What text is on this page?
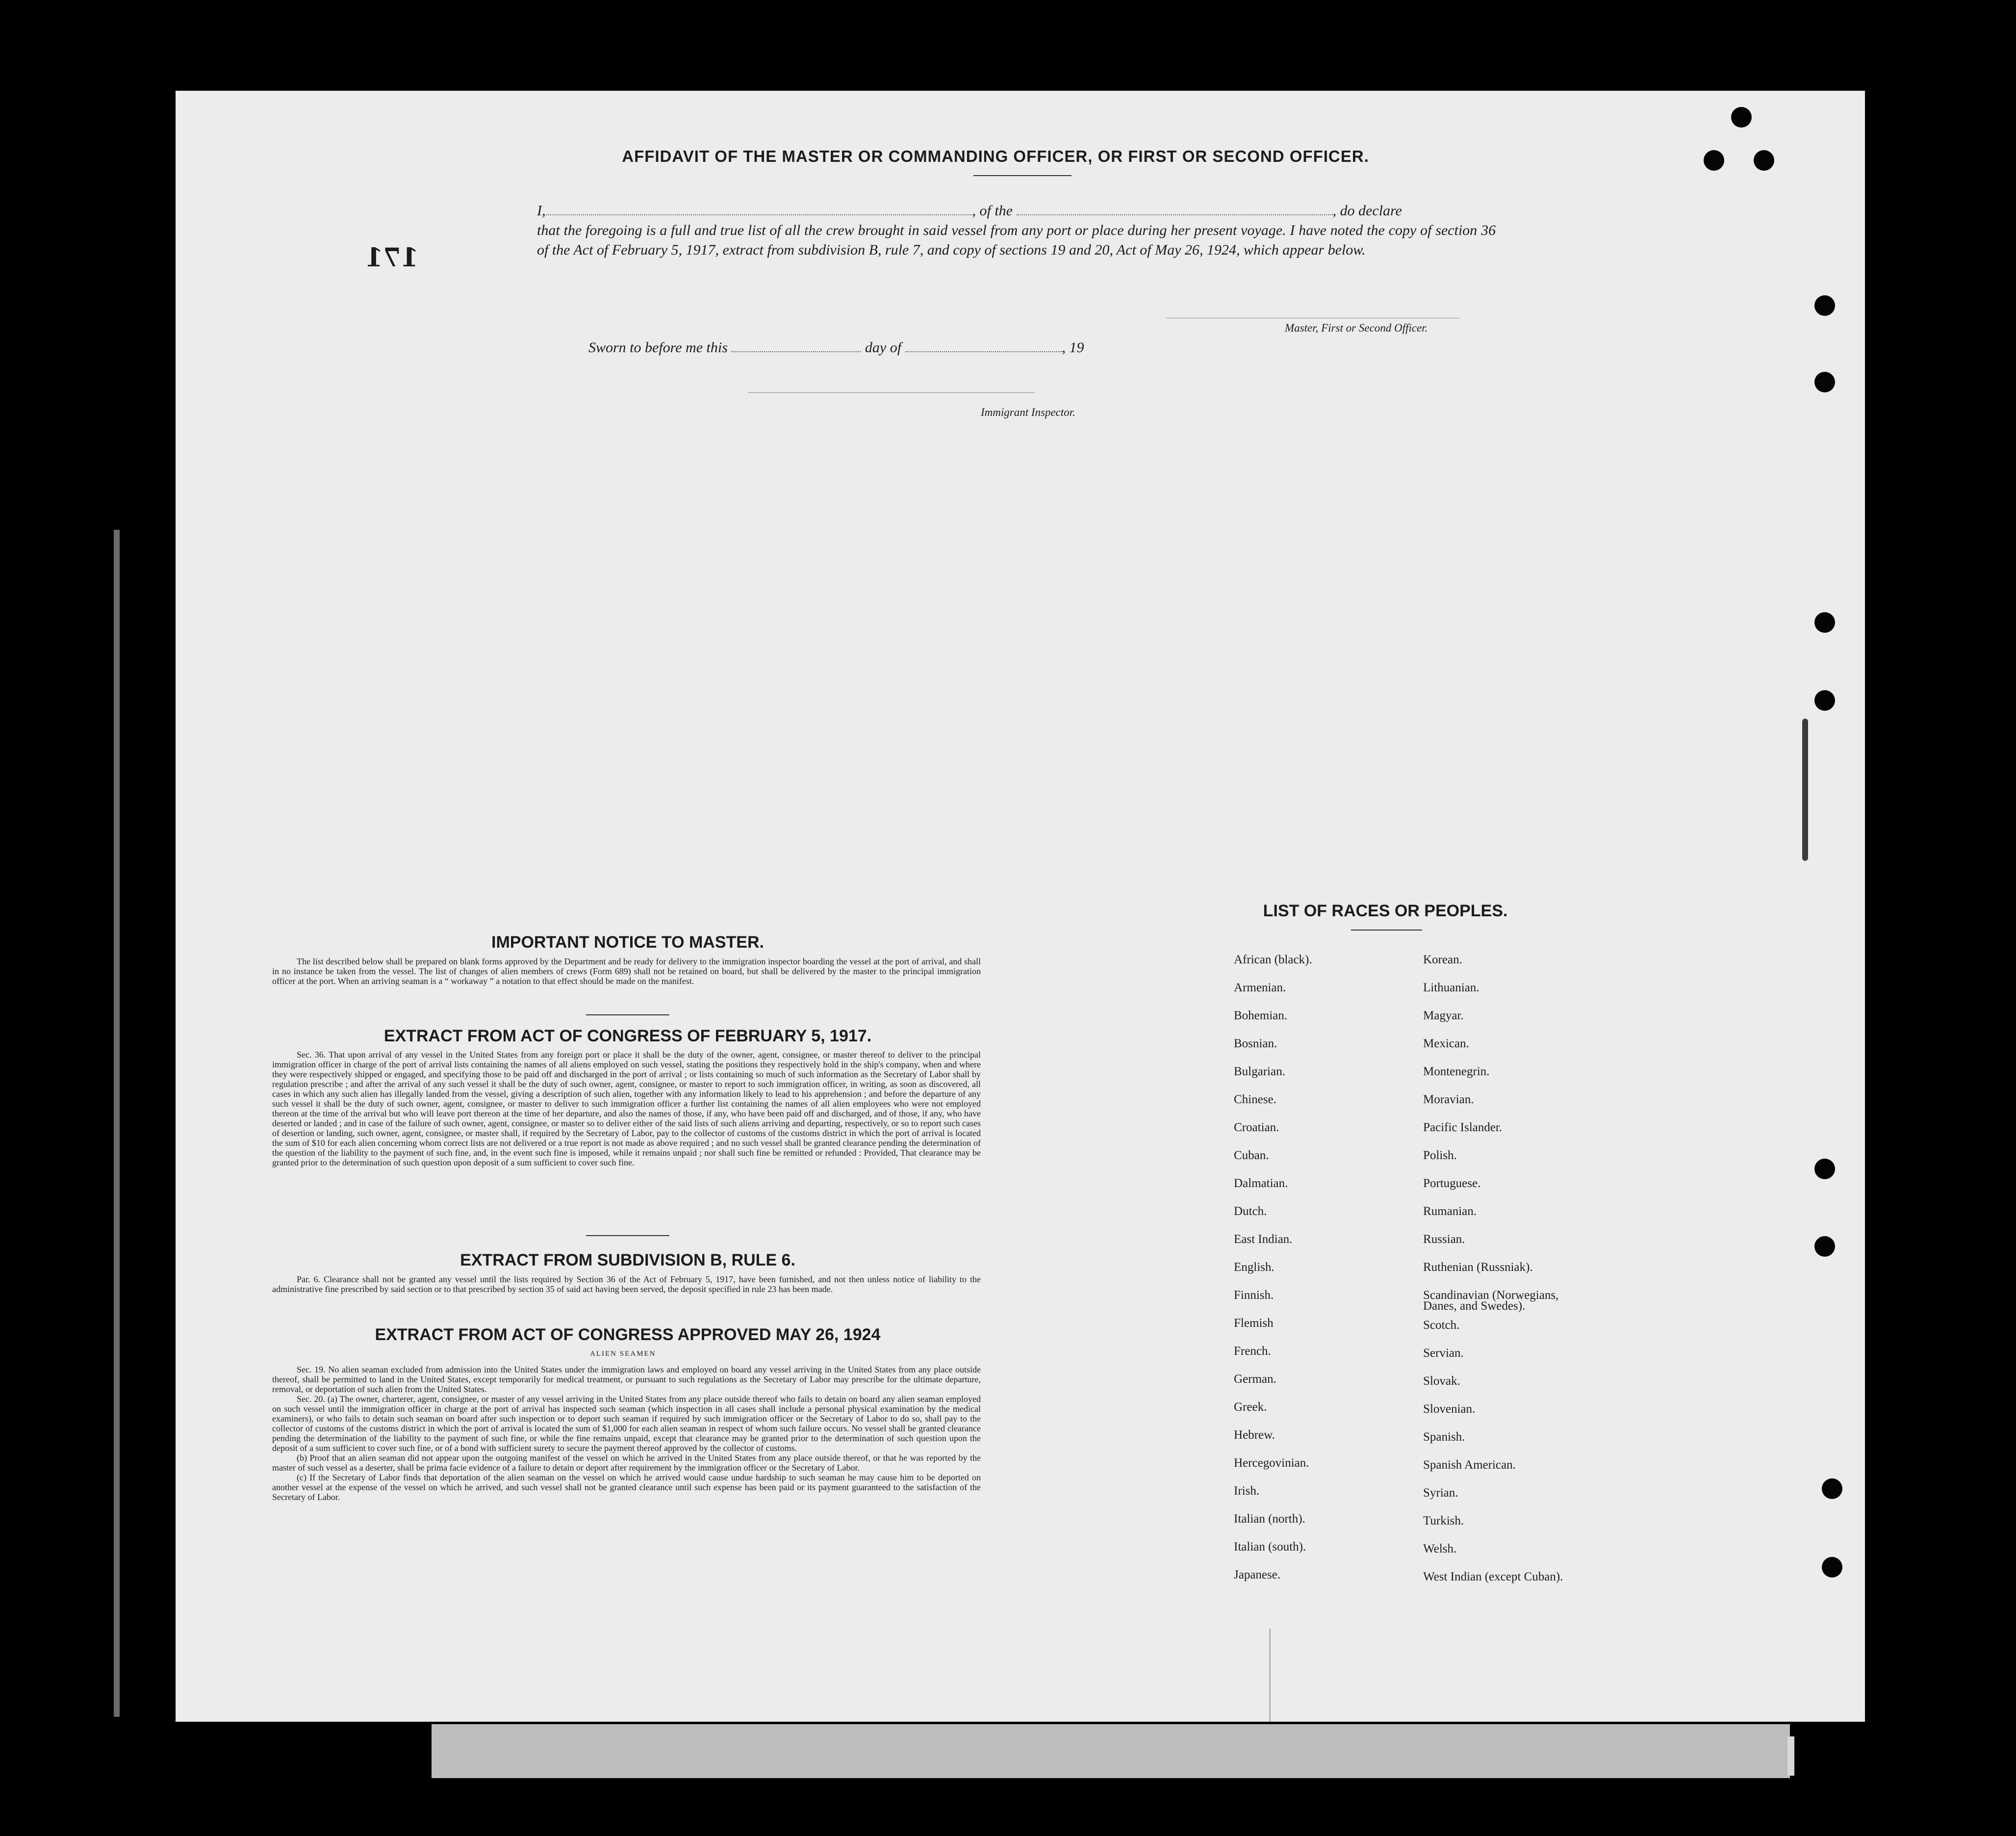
171
AFFIDAVIT OF THE MASTER OR COMMANDING OFFICER, OR FIRST OR SECOND OFFICER.

I,	, of the	, do declare

that the foregoing is a full and true list of all the crew brought in said vessel from any port or place during her present voyage. I have noted the copy of section 36 of the Act of February 5, 1917, extract from subdivision B, rule 7, and copy of sections 19 and 20, Act of May 26, 1924, which appear below.

Master, First or Second Officer.
Sworn to before me this	day of	, 19
Immigrant Inspector.
IMPORTANT NOTICE TO MASTER.

The list described below shall be prepared on blank forms approved by the Department and be ready for delivery to the immigration inspector boarding the vessel at the port of arrival, and shall in no instance be taken from the vessel. The list of changes of alien members of crews (Form 689) shall not be retained on board, but shall be delivered by the master to the principal immigration officer at the port. When an arriving seaman is a “ workaway ” a notation to that effect should be made on the manifest.

EXTRACT FROM ACT OF CONGRESS OF FEBRUARY 5, 1917.

Sec. 36. That upon arrival of any vessel in the United States from any foreign port or place it shall be the duty of the owner, agent, consignee, or master thereof to deliver to the principal immigration officer in charge of the port of arrival lists containing the names of all aliens employed on such vessel, stating the positions they respectively hold in the ship's company, when and where they were respectively shipped or engaged, and specifying those to be paid off and discharged in the port of arrival ; or lists containing so much of such information as the Secretary of Labor shall by regulation prescribe ; and after the arrival of any such vessel it shall be the duty of such owner, agent, consignee, or master to report to such immigration officer, in writing, as soon as discovered, all cases in which any such alien has illegally landed from the vessel, giving a description of such alien, together with any information likely to lead to his apprehension ; and before the departure of any such vessel it shall be the duty of such owner, agent, consignee, or master to deliver to such immigration officer a further list containing the names of all alien employees who were not employed thereon at the time of the arrival but who will leave port thereon at the time of her departure, and also the names of those, if any, who have been paid off and discharged, and of those, if any, who have deserted or landed ; and in case of the failure of such owner, agent, consignee, or master so to deliver either of the said lists of such aliens arriving and departing, respectively, or so to report such cases of desertion or landing, such owner, agent, consignee, or master shall, if required by the Secretary of Labor, pay to the collector of customs of the customs district in which the port of arrival is located the sum of $10 for each alien concerning whom correct lists are not delivered or a true report is not made as above required ; and no such vessel shall be granted clearance pending the determination of the question of the liability to the payment of such fine, and, in the event such fine is imposed, while it remains unpaid ; nor shall such fine be remitted or refunded : Provided, That clearance may be granted prior to the determination of such question upon deposit of a sum sufficient to cover such fine.

EXTRACT FROM SUBDIVISION B, RULE 6.

Par. 6. Clearance shall not be granted any vessel until the lists required by Section 36 of the Act of February 5, 1917, have been furnished, and not then unless notice of liability to the administrative fine prescribed by said section or to that prescribed by section 35 of said act having been served, the deposit specified in rule 23 has been made.

EXTRACT FROM ACT OF CONGRESS APPROVED MAY 26, 1924
ALIEN SEAMEN

Sec. 19. No alien seaman excluded from admission into the United States under the immigration laws and employed on board any vessel arriving in the United States from any place outside thereof, shall be permitted to land in the United States, except temporarily for medical treatment, or pursuant to such regulations as the Secretary of Labor may prescribe for the ultimate departure, removal, or deportation of such alien from the United States.

Sec. 20. (a) The owner, charterer, agent, consignee, or master of any vessel arriving in the United States from any place outside thereof who fails to detain on board any alien seaman employed on such vessel until the immigration officer in charge at the port of arrival has inspected such seaman (which inspection in all cases shall include a personal physical examination by the medical examiners), or who fails to detain such seaman on board after such inspection or to deport such seaman if required by such immigration officer or the Secretary of Labor to do so, shall pay to the collector of customs of the customs district in which the port of arrival is located the sum of $1,000 for each alien seaman in respect of whom such failure occurs. No vessel shall be granted clearance pending the determination of the liability to the payment of such fine, or while the fine remains unpaid, except that clearance may be granted prior to the determination of such question upon the deposit of a sum sufficient to cover such fine, or of a bond with sufficient surety to secure the payment thereof approved by the collector of customs.

(b) Proof that an alien seaman did not appear upon the outgoing manifest of the vessel on which he arrived in the United States from any place outside thereof, or that he was reported by the master of such vessel as a deserter, shall be prima facie evidence of a failure to detain or deport after requirement by the immigration officer or the Secretary of Labor.

(c) If the Secretary of Labor finds that deportation of the alien seaman on the vessel on which he arrived would cause undue hardship to such seaman he may cause him to be deported on another vessel at the expense of the vessel on which he arrived, and such vessel shall not be granted clearance until such expense has been paid or its payment guaranteed to the satisfaction of the Secretary of Labor.

LIST OF RACES OR PEOPLES.
African (black).
Armenian.
Bohemian.
Bosnian.
Bulgarian.
Chinese.
Croatian.
Cuban.
Dalmatian.
Dutch.
East Indian.
English.
Finnish.
Flemish
French.
German.
Greek.
Hebrew.
Hercegovinian.
Irish.
Italian (north).
Italian (south).
Japanese.
Korean.
Lithuanian.
Magyar.
Mexican.
Montenegrin.
Moravian.
Pacific Islander.
Polish.
Portuguese.
Rumanian.
Russian.
Ruthenian (Russniak).
Scandinavian (Norwegians, Danes, and Swedes).
Scotch.
Servian.
Slovak.
Slovenian.
Spanish.
Spanish American.
Syrian.
Turkish.
Welsh.
West Indian (except Cuban).
